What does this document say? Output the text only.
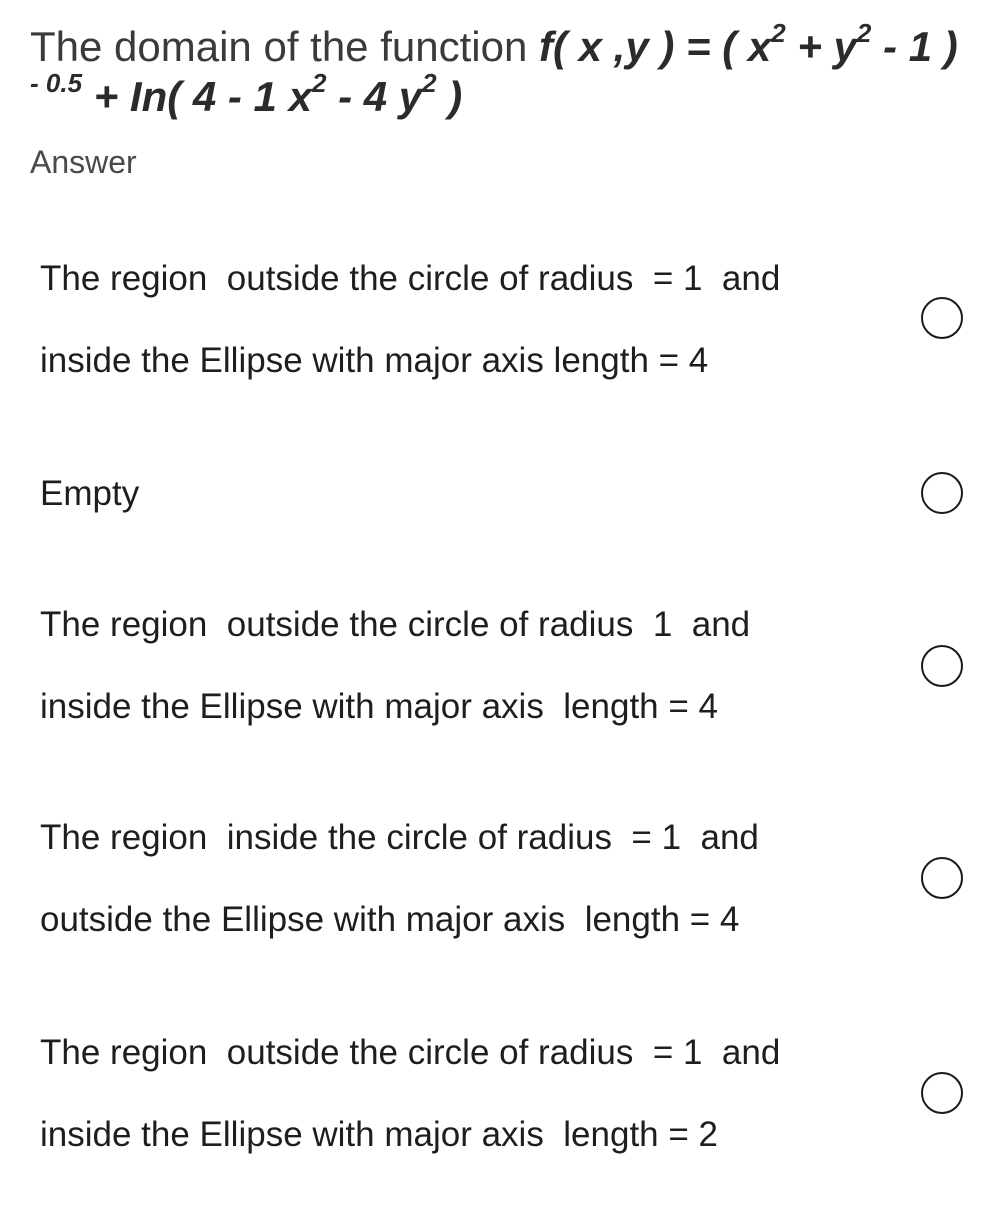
The domain of the function f( x ,y ) = ( $x^2 + y^2 - 1$ ) $^{- 0.5}$ + In( 4 - 1 $x^2 - 4$ $y^2$ )
Answer
The region  outside the circle of radius  = 1  and
inside the Ellipse with major axis length = 4
Empty
The region  outside the circle of radius  1  and
inside the Ellipse with major axis  length = 4
The region  inside the circle of radius  = 1  and
outside the Ellipse with major axis  length = 4
The region  outside the circle of radius  = 1  and
inside the Ellipse with major axis  length = 2
